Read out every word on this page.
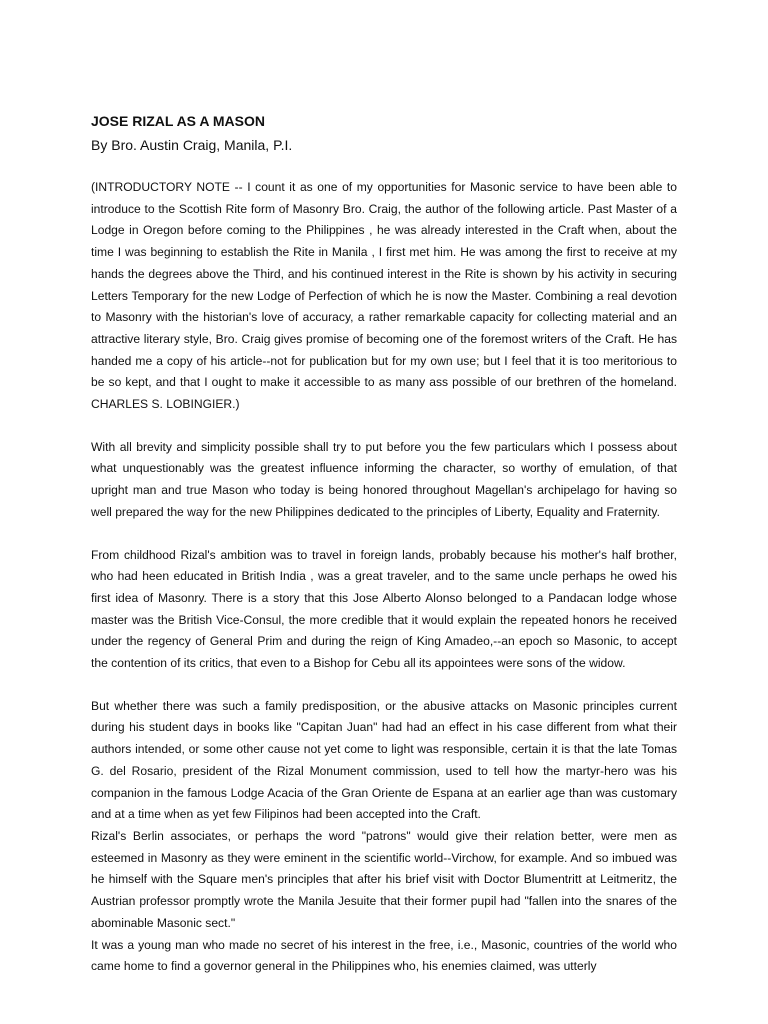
JOSE RIZAL AS A MASON

By Bro. Austin Craig, Manila, P.I.

(INTRODUCTORY NOTE -- I count it as one of my opportunities for Masonic service to have been able to introduce to the Scottish Rite form of Masonry Bro. Craig, the author of the following article. Past Master of a Lodge in Oregon before coming to the Philippines , he was already interested in the Craft when, about the time I was beginning to establish the Rite in Manila , I first met him. He was among the first to receive at my hands the degrees above the Third, and his continued interest in the Rite is shown by his activity in securing Letters Temporary for the new Lodge of Perfection of which he is now the Master. Combining a real devotion to Masonry with the historian's love of accuracy, a rather remarkable capacity for collecting material and an attractive literary style, Bro. Craig gives promise of becoming one of the foremost writers of the Craft. He has handed me a copy of his article--not for publication but for my own use; but I feel that it is too meritorious to be so kept, and that I ought to make it accessible to as many ass possible of our brethren of the homeland. CHARLES S. LOBINGIER.)

With all brevity and simplicity possible shall try to put before you the few particulars which I possess about what unquestionably was the greatest influence informing the character, so worthy of emulation, of that upright man and true Mason who today is being honored throughout Magellan's archipelago for having so well prepared the way for the new Philippines dedicated to the principles of Liberty, Equality and Fraternity.

From childhood Rizal's ambition was to travel in foreign lands, probably because his mother's half brother, who had heen educated in British India , was a great traveler, and to the same uncle perhaps he owed his first idea of Masonry. There is a story that this Jose Alberto Alonso belonged to a Pandacan lodge whose master was the British Vice-Consul, the more credible that it would explain the repeated honors he received under the regency of General Prim and during the reign of King Amadeo,--an epoch so Masonic, to accept the contention of its critics, that even to a Bishop for Cebu all its appointees were sons of the widow.

But whether there was such a family predisposition, or the abusive attacks on Masonic principles current during his student days in books like "Capitan Juan" had had an effect in his case different from what their authors intended, or some other cause not yet come to light was responsible, certain it is that the late Tomas G. del Rosario, president of the Rizal Monument commission, used to tell how the martyr-hero was his companion in the famous Lodge Acacia of the Gran Oriente de Espana at an earlier age than was customary and at a time when as yet few Filipinos had been accepted into the Craft.

Rizal's Berlin associates, or perhaps the word "patrons" would give their relation better, were men as esteemed in Masonry as they were eminent in the scientific world--Virchow, for example. And so imbued was he himself with the Square men's principles that after his brief visit with Doctor Blumentritt at Leitmeritz, the Austrian professor promptly wrote the Manila Jesuite that their former pupil had "fallen into the snares of the abominable Masonic sect."

It was a young man who made no secret of his interest in the free, i.e., Masonic, countries of the world who came home to find a governor general in the Philippines who, his enemies claimed, was utterly
